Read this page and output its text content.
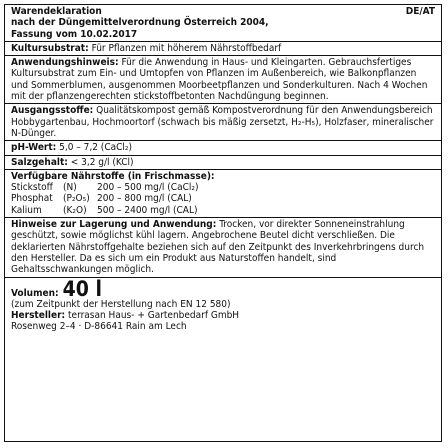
Warendeklaration	DE/AT
nach der Düngemittelverordnung Österreich 2004,
Fassung vom 10.02.2017
Kultursubstrat: Für Pflanzen mit höherem Nährstoffbedarf
Anwendungshinweis: Für die Anwendung in Haus- und Kleingarten. Gebrauchsfertiges Kultursubstrat zum Ein- und Umtopfen von Pflanzen im Außenbereich, wie Balkonpflanzen und Sommerblumen, ausgenommen Moorbeetpflanzen und Sonderkulturen. Nach 4 Wochen mit der pflanzengerechten stickstoffbetonten Nachdüngung beginnen.
Ausgangsstoffe: Qualitätskompost gemäß Kompostverordnung für den Anwendungsbereich Hobbygartenbau, Hochmoortorf (schwach bis mäßig zersetzt, H₂-H₅), Holzfaser, mineralischer N-Dünger.
pH-Wert: 5,0 – 7,2 (CaCl₂)
Salzgehalt: < 3,2 g/l (KCl)
Verfügbare Nährstoffe (in Frischmasse):
Stickstoff	(N)	200 – 500 mg/l (CaCl₂)
Phosphat	(P₂O₅) 200 – 800 mg/l (CAL)
Kalium	(K₂O)	500 – 2400 mg/l (CAL)
Hinweise zur Lagerung und Anwendung: Trocken, vor direkter Sonneneinstrahlung geschützt, sowie möglichst kühl lagern. Angebrochene Beutel dicht verschließen. Die deklarierten Nährstoffgehalte beziehen sich auf den Zeitpunkt des Inverkehrbringens durch den Hersteller. Da es sich um ein Produkt aus Naturstoffen handelt, sind Gehaltsschwankungen möglich.
Volumen: 40 l
(zum Zeitpunkt der Herstellung nach EN 12 580)
Hersteller: terrasan Haus- + Gartenbedarf GmbH
Rosenweg 2–4 · D-86641 Rain am Lech
